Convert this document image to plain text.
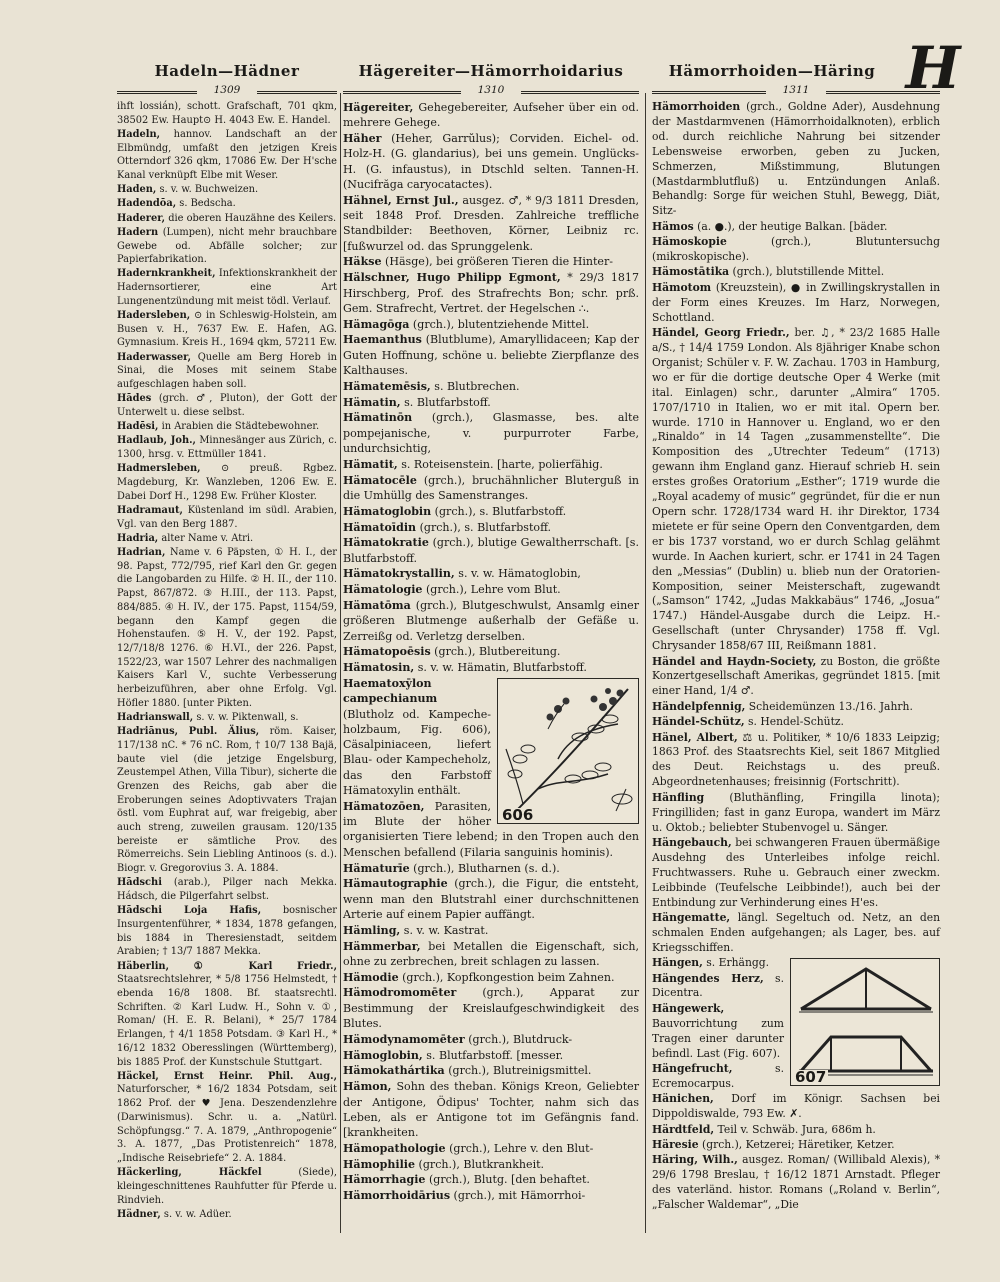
Hadeln—Hädner	Hägereiter—Hämorrhoidarius	Hämorrhoiden—Häring H
1309	1310	1311
ihft lossián), schott. Grafschaft, 701 qkm, 38502 Ew. Haupt⊙ H. 4043 Ew. E. Handel.
Hadeln, hannov. Landschaft an der Elbmündg, umfaßt den jetzigen Kreis Otterndorf 326 qkm, 17086 Ew. Der H'sche Kanal verknüpft Elbe mit Weser.
Haden, s. v. w. Buchweizen.
Hadendōa, s. Bedscha.
Haderer, die oberen Hauzähne des Keilers.
Hadern (Lumpen), nicht mehr brauchbare Gewebe od. Abfälle solcher; zur Papierfabrikation.
Hadernkrankheit, Infektionskrankheit der Hadernsortierer, eine Art Lungenentzündung mit meist tödl. Verlauf.
Hadersleben, ⊙ in Schleswig-Holstein, am Busen v. H., 7637 Ew. E. Hafen, AG. Gymnasium. Kreis H., 1694 qkm, 57211 Ew.
Haderwasser, Quelle am Berg Horeb in Sinai, die Moses mit seinem Stabe aufgeschlagen haben soll.
Hādes (grch. ♂, Pluton), der Gott der Unterwelt u. diese selbst.
Hadēsi, in Arabien die Städtebewohner.
Hadlaub, Joh., Minnesänger aus Zürich, c. 1300, hrsg. v. Ettmüller 1841.
Hadmersleben, ⊙ preuß. Rgbez. Magdeburg, Kr. Wanzleben, 1206 Ew. E. Dabei Dorf H., 1298 Ew. Früher Kloster.
Hadramaut, Küstenland im südl. Arabien, Vgl. van den Berg 1887.
Hadria, alter Name v. Atri.
Hadrian, Name v. 6 Päpsten, ① H. I., der 98. Papst, 772/795, rief Karl den Gr. gegen die Langobarden zu Hilfe. ② H. II., der 110. Papst, 867/872. ③ H.III., der 113. Papst, 884/885. ④ H. IV., der 175. Papst, 1154/59, begann den Kampf gegen die Hohenstaufen. ⑤ H. V., der 192. Papst, 12/7/18/8 1276. ⑥ H.VI., der 226. Papst, 1522/23, war 1507 Lehrer des nachmaligen Kaisers Karl V., suchte Verbesserung herbeizuführen, aber ohne Erfolg. Vgl. Höfler 1880. [unter Pikten.
Hadrianswall, s. v. w. Piktenwall, s.
Hadriānus, Publ. Älius, röm. Kaiser, 117/138 nC. * 76 nC. Rom, † 10/7 138 Bajä, baute viel (die jetzige Engelsburg, Zeustempel Athen, Villa Tibur), sicherte die Grenzen des Reichs, gab aber die Eroberungen seines Adoptivvaters Trajan östl. vom Euphrat auf, war freigebig, aber auch streng, zuweilen grausam. 120/135 bereiste er sämtliche Prov. des Römerreichs. Sein Liebling Antinoos (s. d.). Biogr. v. Gregorovius 3. A. 1884.
Hādschi (arab.), Pilger nach Mekka. Hádsch, die Pilgerfahrt selbst.
Hādschi Loja Hafis, bosnischer Insurgentenführer, * 1834, 1878 gefangen, bis 1884 in Theresienstadt, seitdem Arabien; † 13/7 1887 Mekka.
Häberlin, ① Karl Friedr., Staatsrechtslehrer, * 5/8 1756 Helmstedt, † ebenda 16/8 1808. Bf. staatsrechtl. Schriften. ② Karl Ludw. H., Sohn v. ①, Roman/ (H. E. R. Belani), * 25/7 1784 Erlangen, † 4/1 1858 Potsdam. ③ Karl H., * 16/12 1832 Oberesslingen (Württemberg), bis 1885 Prof. der Kunstschule Stuttgart.
Häckel, Ernst Heinr. Phil. Aug., Naturforscher, * 16/2 1834 Potsdam, seit 1862 Prof. der ♥ Jena. Deszendenzlehre (Darwinismus). Schr. u. a. „Natürl. Schöpfungsg.“ 7. A. 1879, „Anthropogenie“ 3. A. 1877, „Das Protistenreich“ 1878, „Indische Reisebriefe“ 2. A. 1884.
Häckerling, Häckfel (Siede), kleingeschnittenes Rauhfutter für Pferde u. Rindvieh.
Hädner, s. v. w. Adüer.
Hägereiter, Gehegebereiter, Aufseher über ein od. mehrere Gehege.
Häher (Heher, Garrŭlus); Corviden. Eichel- od. Holz-H. (G. glandarius), bei uns gemein. Unglücks-H. (G. infaustus), in Dtschld selten. Tannen-H. (Nucifrăga caryocatactes).
Hähnel, Ernst Jul., ausgez. ♂, * 9/3 1811 Dresden, seit 1848 Prof. Dresden. Zahlreiche treffliche Standbilder: Beethoven, Körner, Leibniz rc. [fußwurzel od. das Sprunggelenk.
Häkse (Häsge), bei größeren Tieren die Hinter-
Hälschner, Hugo Philipp Egmont, * 29/3 1817 Hirschberg, Prof. des Strafrechts Bon; schr. prß. Gem. Strafrecht, Vertret. der Hegelschen ∴.
Hämagōga (grch.), blutentziehende Mittel.
Haemanthus (Blutblume), Amaryllidaceen; Kap der Guten Hoffnung, schöne u. beliebte Zierpflanze des Kalthauses.
Hämatemēsis, s. Blutbrechen.
Hämatin, s. Blutfarbstoff.
Hämatinōn (grch.), Glasmasse, bes. alte pompejanische, v. purpurroter Farbe, undurchsichtig,
Hämatit, s. Roteisenstein. [harte, polierfähig.
Hämatocēle (grch.), bruchähnlicher Bluterguß in die Umhüllg des Samenstranges.
Hämatoglobin (grch.), s. Blutfarbstoff.
Hämatoīdin (grch.), s. Blutfarbstoff.
Hämatokratie (grch.), blutige Gewaltherrschaft. [s. Blutfarbstoff.
Hämatokrystallin, s. v. w. Hämatoglobin,
Hämatologie (grch.), Lehre vom Blut.
Hämatōma (grch.), Blutgeschwulst, Ansamlg einer größeren Blutmenge außerhalb der Gefäße u. Zerreißg od. Verletzg derselben.
Hämatopoēsis (grch.), Blutbereitung.
Hämatosin, s. v. w. Hämatin, Blutfarbstoff.
606
Haematoxȳlon campechianum (Blutholz od. Kampeche-holzbaum, Fig. 606), Cäsalpiniaceen, liefert Blau- oder Kampecheholz, das den Farbstoff Hämatoxylin enthält.
Hämatozōen, Parasiten, im Blute der höher organisierten Tiere lebend; in den Tropen auch den Menschen befallend (Filaria sanguinis hominis).
Hämaturīe (grch.), Blutharnen (s. d.).
Hämautographie (grch.), die Figur, die entsteht, wenn man den Blutstrahl einer durchschnittenen Arterie auf einem Papier auffängt.
Hämling, s. v. w. Kastrat.
Hämmerbar, bei Metallen die Eigenschaft, sich, ohne zu zerbrechen, breit schlagen zu lassen.
Hämodie (grch.), Kopfkongestion beim Zahnen.
Hämodromomēter (grch.), Apparat zur Bestimmung der Kreislaufgeschwindigkeit des Blutes.
Hämodynamomēter (grch.), Blutdruck-
Hämoglobin, s. Blutfarbstoff. [messer.
Hämokathártika (grch.), Blutreinigsmittel.
Hämon, Sohn des theban. Königs Kreon, Geliebter der Antigone, Ödipus' Tochter, nahm sich das Leben, als er Antigone tot im Gefängnis fand. [krankheiten.
Hämopathologie (grch.), Lehre v. den Blut-
Hämophilie (grch.), Blutkrankheit.
Hämorrhagie (grch.), Blutg. [den behaftet.
Hämorrhoidārius (grch.), mit Hämorrhoi-
Hämorrhoiden (grch., Goldne Ader), Ausdehnung der Mastdarmvenen (Hämorrhoidalknoten), erblich od. durch reichliche Nahrung bei sitzender Lebensweise erworben, geben zu Jucken, Schmerzen, Mißstimmung, Blutungen (Mastdarmblutfluß) u. Entzündungen Anlaß. Behandlg: Sorge für weichen Stuhl, Bewegg, Diät, Sitz-
Hämos (a. ●.), der heutige Balkan. [bäder.
Hämoskopie (grch.), Blutuntersuchg (mikroskopische).
Hämostātika (grch.), blutstillende Mittel.
Hämotom (Kreuzstein), ● in Zwillingskrystallen in der Form eines Kreuzes. Im Harz, Norwegen, Schottland.
Händel, Georg Friedr., ber. ♫, * 23/2 1685 Halle a/S., † 14/4 1759 London. Als 8jähriger Knabe schon Organist; Schüler v. F. W. Zachau. 1703 in Hamburg, wo er für die dortige deutsche Oper 4 Werke (mit ital. Einlagen) schr., darunter „Almira“ 1705. 1707/1710 in Italien, wo er mit ital. Opern ber. wurde. 1710 in Hannover u. England, wo er den „Rinaldo“ in 14 Tagen „zusammenstellte“. Die Komposition des „Utrechter Tedeum“ (1713) gewann ihm England ganz. Hierauf schrieb H. sein erstes großes Oratorium „Esther“; 1719 wurde die „Royal academy of music“ gegründet, für die er nun Opern schr. 1728/1734 ward H. ihr Direktor, 1734 mietete er für seine Opern den Conventgarden, dem er bis 1737 vorstand, wo er durch Schlag gelähmt wurde. In Aachen kuriert, schr. er 1741 in 24 Tagen den „Messias“ (Dublin) u. blieb nun der Oratorien-Komposition, seiner Meisterschaft, zugewandt („Samson“ 1742, „Judas Makkabäus“ 1746, „Josua“ 1747.) Händel-Ausgabe durch die Leipz. H.-Gesellschaft (unter Chrysander) 1758 ff. Vgl. Chrysander 1858/67 III, Reißmann 1881.
Händel and Haydn-Society, zu Boston, die größte Konzertgesellschaft Amerikas, gegründet 1815. [mit einer Hand, 1/4 ♂.
Händelpfennig, Scheidemünzen 13./16. Jahrh.
Händel-Schütz, s. Hendel-Schütz.
Hänel, Albert, ⚖ u. Politiker, * 10/6 1833 Leipzig; 1863 Prof. des Staatsrechts Kiel, seit 1867 Mitglied des Deut. Reichstags u. des preuß. Abgeordnetenhauses; freisinnig (Fortschritt).
Hänfling (Bluthänfling, Fringilla linota); Fringilliden; fast in ganz Europa, wandert im März u. Oktob.; beliebter Stubenvogel u. Sänger.
Hängebauch, bei schwangeren Frauen übermäßige Ausdehng des Unterleibes infolge reichl. Fruchtwassers. Ruhe u. Gebrauch einer zweckm. Leibbinde (Teufelsche Leibbinde!), auch bei der Entbindung zur Verhinderung eines H'es.
Hängematte, längl. Segeltuch od. Netz, an den schmalen Enden aufgehangen; als Lager, bes. auf Kriegsschiffen.
607
Hängen, s. Erhängg.
Hängendes Herz, s. Dicentra.
Hängewerk, Bauvorrichtung zum Tragen einer darunter befindl. Last (Fig. 607).
Hängefrucht, s. Ecremocarpus.
Hänichen, Dorf im Königr. Sachsen bei Dippoldiswalde, 793 Ew. ✗.
Härdtfeld, Teil v. Schwäb. Jura, 686m h.
Häresie (grch.), Ketzerei; Häretiker, Ketzer.
Häring, Wilh., ausgez. Roman/ (Willibald Alexis), * 29/6 1798 Breslau, † 16/12 1871 Arnstadt. Pfleger des vaterländ. histor. Romans („Roland v. Berlin“, „Falscher Waldemar“, „Die
